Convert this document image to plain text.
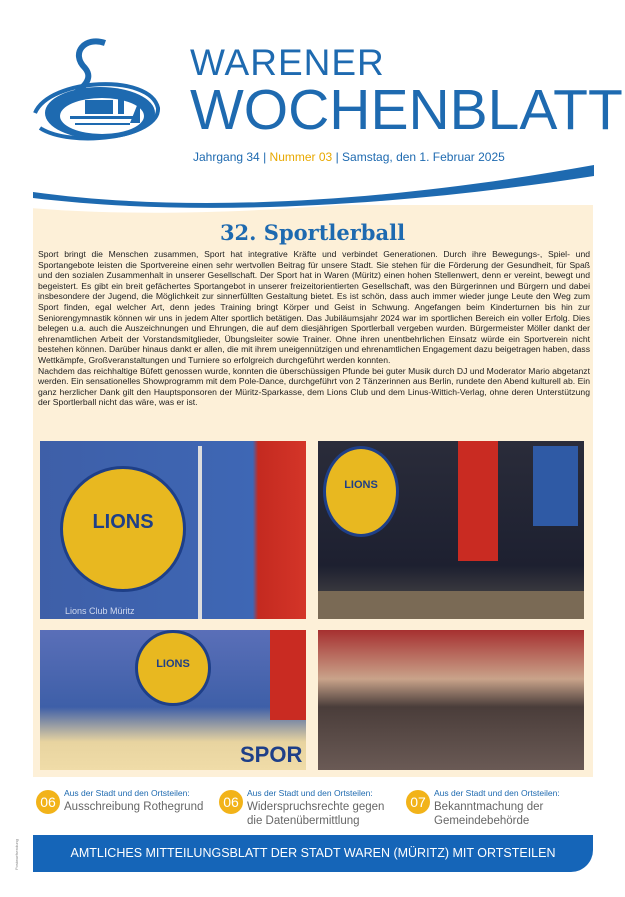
WARENER
WOCHENBLATT
Jahrgang 34 | Nummer 03 | Samstag, den 1. Februar 2025
32. Sportlerball

Sport bringt die Menschen zusammen, Sport hat integrative Kräfte und verbindet Generationen. Durch ihre Bewegungs-, Spiel- und Sportangebote leisten die Sportvereine einen sehr wertvollen Beitrag für unsere Stadt. Sie stehen für die Förderung der Gesundheit, für Spaß und den sozialen Zusammenhalt in unserer Gesellschaft. Der Sport hat in Waren (Müritz) einen hohen Stellenwert, denn er vereint, bewegt und begeistert. Es gibt ein breit gefächertes Sportangebot in unserer freizeitorientierten Gesellschaft, was den Bürgerinnen und Bürgern und dabei insbesondere der Jugend, die Möglichkeit zur sinnerfüllten Gestaltung bietet. Es ist schön, dass auch immer wieder junge Leute den Weg zum Sport finden, egal welcher Art, denn jedes Training bringt Körper und Geist in Schwung. Angefangen beim Kinderturnen bis hin zur Seniorengymnastik können wir uns in jedem Alter sportlich betätigen. Das Jubiläumsjahr 2024 war im sportlichen Bereich ein voller Erfolg. Dies belegen u.a. auch die Auszeichnungen und Ehrungen, die auf dem diesjährigen Sportlerball vergeben wurden. Bürgermeister Möller dankt der ehrenamtlichen Arbeit der Vorstandsmitglieder, Übungsleiter sowie Trainer. Ohne ihren unentbehrlichen Einsatz würde ein Sportverein nicht bestehen können. Darüber hinaus dankt er allen, die mit ihrem uneigennützigen und ehrenamtlichen Engagement dazu beigetragen haben, dass Wettkämpfe, Großveranstaltungen und Turniere so erfolgreich durchgeführt werden konnten.

Nachdem das reichhaltige Büfett genossen wurde, konnten die überschüssigen Pfunde bei guter Musik durch DJ und Moderator Mario abgetanzt werden. Ein sensationelles Showprogramm mit dem Pole-Dance, durchgeführt von 2 Tänzerinnen aus Berlin, rundete den Abend kulturell ab. Ein ganz herzlicher Dank gilt den Hauptsponsoren der Müritz-Sparkasse, dem Lions Club und dem Linus-Wittich-Verlag, ohne deren Unterstützung der Sportlerball nicht das wäre, was er ist.

LIONS
Lions Club Müritz
LIONS
LIONS
SPOR
06
Aus der Stadt und den Ortsteilen:
Ausschreibung Rothegrund	06
Aus der Stadt und den Ortsteilen:
Widerspruchsrechte gegen
die Datenübermittlung
07
Aus der Stadt und den Ortsteilen:
Bekanntmachung der
Gemeindebehörde
Postwurfsendung	AMTLICHES MITTEILUNGSBLATT DER STADT WAREN (MÜRITZ) MIT ORTSTEILEN
